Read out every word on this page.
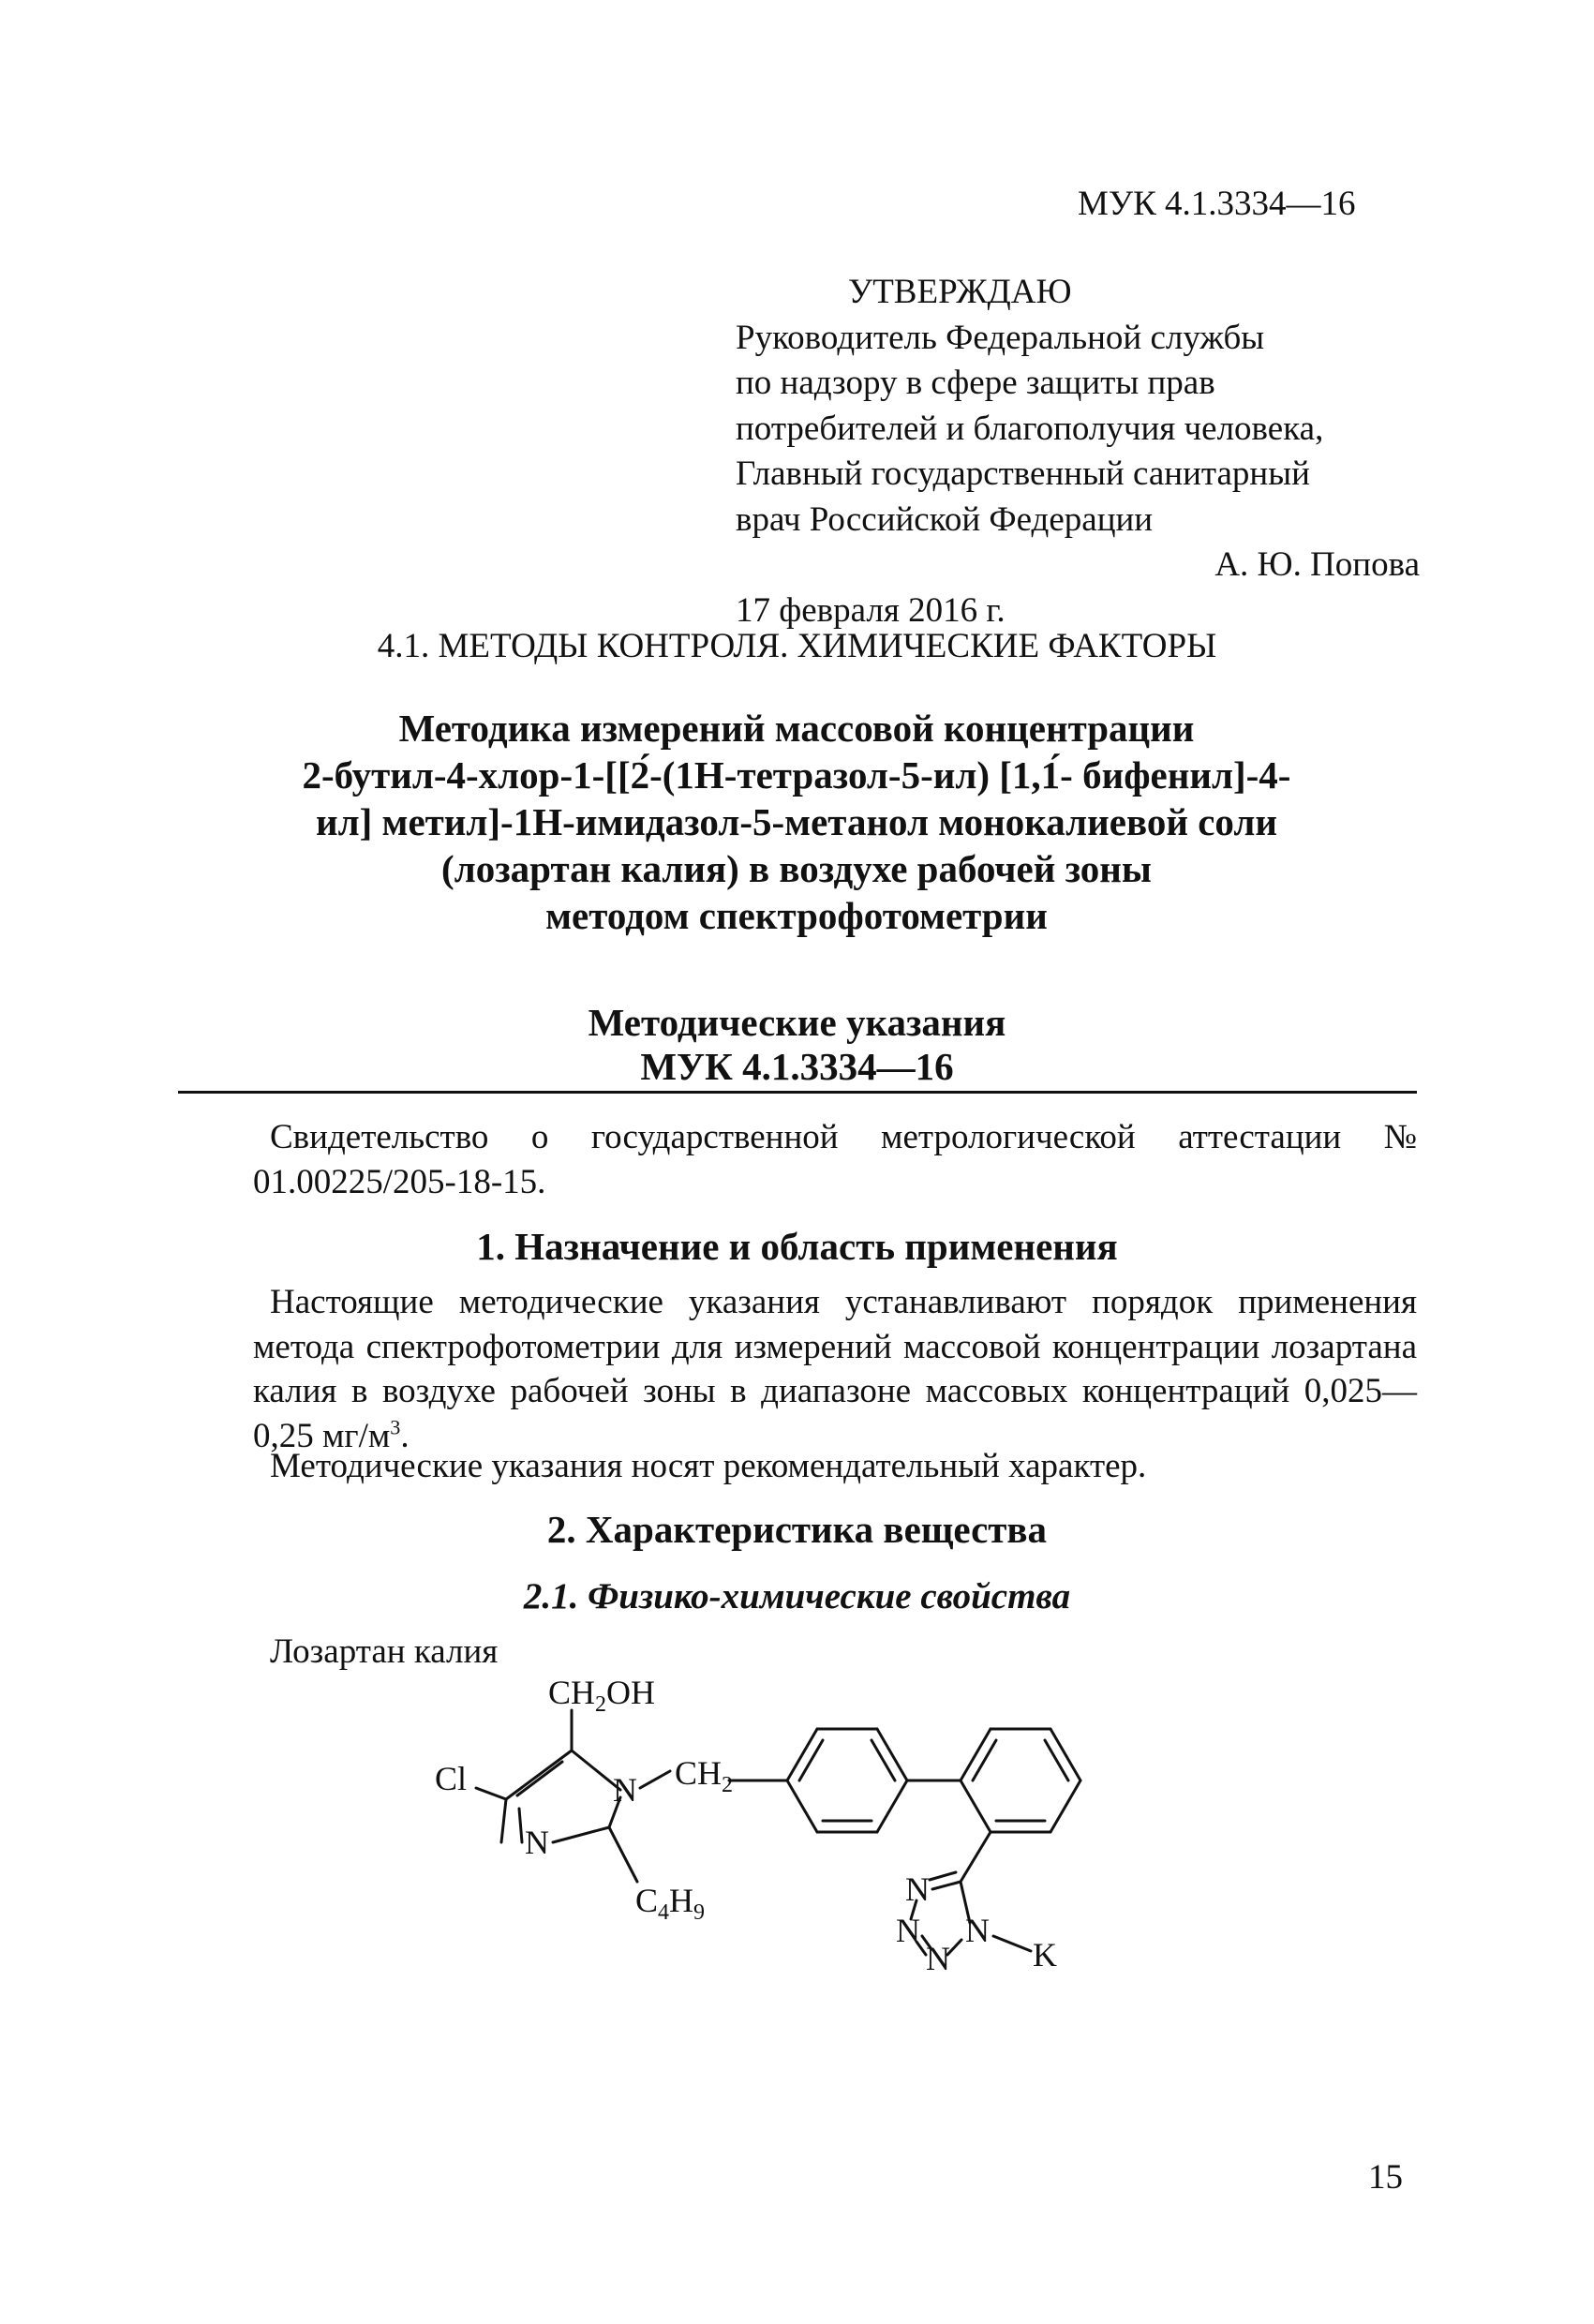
МУК 4.1.3334—16

УТВЕРЖДАЮ

Руководитель Федеральной службы

по надзору в сфере защиты прав

потребителей и благополучия человека,

Главный государственный санитарный

врач Российской Федерации

А. Ю. Попова

17 февраля 2016 г.

4.1. МЕТОДЫ КОНТРОЛЯ. ХИМИЧЕСКИЕ ФАКТОРЫ

Методика измерений массовой концентрации

2-бутил-4-хлор-1-[[2́-(1Н-тетразол-5-ил) [1,1́- бифенил]-4-

ил] метил]-1Н-имидазол-5-метанол монокалиевой соли

(лозартан калия) в воздухе рабочей зоны

методом спектрофотометрии

Методические указания

МУК 4.1.3334—16

Свидетельство о государственной метрологической аттестации № 01.00225/205-18-15.

1. Назначение и область применения

Настоящие методические указания устанавливают порядок применения метода спектрофотометрии для измерений массовой концентрации лозартана калия в воздухе рабочей зоны в диапазоне массовых концентраций 0,025—0,25 $мг/м^3$.

Методические указания носят рекомендательный характер.
2. Характеристика вещества
2.1. Физико-химические свойства
Лозартан калия
$CH_2OH$
Cl	N $CH_2$
N
$C_4H_9$
N
N
N
N
K
15
